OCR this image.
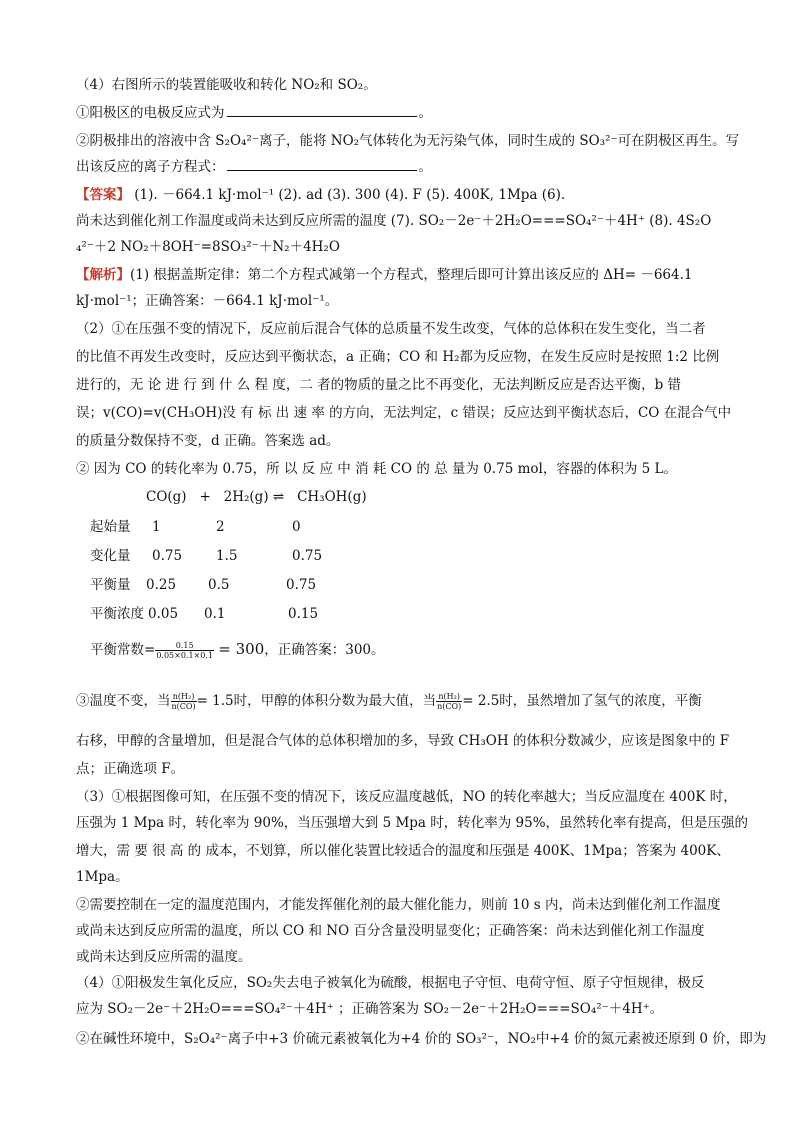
（4）右图所示的装置能吸收和转化 NO₂和 SO₂。
①阳极区的电极反应式为	。
②阴极排出的溶液中含 S₂O₄²⁻离子，能将 NO₂气体转化为无污染气体，同时生成的 SO₃²⁻可在阴极区再生。写
出该反应的离子方程式：	。
【答案】 (1). －664.1 kJ·mol⁻¹ (2). ad (3). 300 (4). F (5). 400K, 1Mpa (6).
尚未达到催化剂工作温度或尚未达到反应所需的温度 (7). SO₂－2e⁻＋2H₂O===SO₄²⁻＋4H⁺ (8). 4S₂O
₄²⁻＋2 NO₂＋8OH⁻=8SO₃²⁻＋N₂＋4H₂O
【解析】(1) 根据盖斯定律：第二个方程式减第一个方程式，整理后即可计算出该反应的 ΔH= －664.1
kJ·mol⁻¹；正确答案：－664.1 kJ·mol⁻¹。
（2）①在压强不变的情况下，反应前后混合气体的总质量不发生改变，气体的总体积在发生变化，当二者
的比值不再发生改变时，反应达到平衡状态，a 正确；CO 和 H₂都为反应物，在发生反应时是按照 1:2 比例
进行的，无 论 进 行 到 什 么 程 度，二 者的物质的量之比不再变化，无法判断反应是否达平衡，b 错
误；v(CO)=v(CH₃OH)没 有 标 出 速 率 的方向，无法判定，c 错误；反应达到平衡状态后，CO 在混合气中
的质量分数保持不变，d 正确。答案选 ad。
② 因为 CO 的转化率为 0.75，所 以 反 应 中 消 耗 CO 的 总 量为 0.75 mol，容器的体积为 5 L。
CO(g) + 2H₂(g) ⇌ CH₃OH(g)
起始量 1	2	0
变化量 0.75	1.5	0.75
平衡量 0.25 0.5	0.75
平衡浓度 0.05 0.1	0.15
平衡常数= $\frac{0.15}{0.05\times 0.1\times 0.1} = 300$，正确答案：300。
③温度不变，当 $\frac{\text{n(H₂)}}{n(CO)} = 1.5$时，甲醇的体积分数为最大值，当 $\frac{\text{n(H₂)}}{n(CO)} = 2.5$时，虽然增加了氢气的浓度，平衡
右移，甲醇的含量增加，但是混合气体的总体积增加的多，导致 CH₃OH 的体积分数减少，应该是图象中的 F
点；正确选项 F。
（3）①根据图像可知，在压强不变的情况下，该反应温度越低，NO 的转化率越大；当反应温度在 400K 时，
压强为 1 Mpa 时，转化率为 90%，当压强增大到 5 Mpa 时，转化率为 95%，虽然转化率有提高，但是压强的
增大，需 要 很 高 的 成本，不划算，所以催化装置比较适合的温度和压强是 400K、1Mpa；答案为 400K、
1Mpa。
②需要控制在一定的温度范围内，才能发挥催化剂的最大催化能力，则前 10 s 内，尚未达到催化剂工作温度
或尚未达到反应所需的温度，所以 CO 和 NO 百分含量没明显变化；正确答案：尚未达到催化剂工作温度
或尚未达到反应所需的温度。
（4）①阳极发生氧化反应，SO₂失去电子被氧化为硫酸，根据电子守恒、电荷守恒、原子守恒规律，极反
应为 SO₂－2e⁻＋2H₂O===SO₄²⁻＋4H⁺ ；正确答案为 SO₂－2e⁻＋2H₂O===SO₄²⁻＋4H⁺。
②在碱性环境中，S₂O₄²⁻离子中+3 价硫元素被氧化为+4 价的 SO₃²⁻，NO₂中+4 价的氮元素被还原到 0 价，即为
